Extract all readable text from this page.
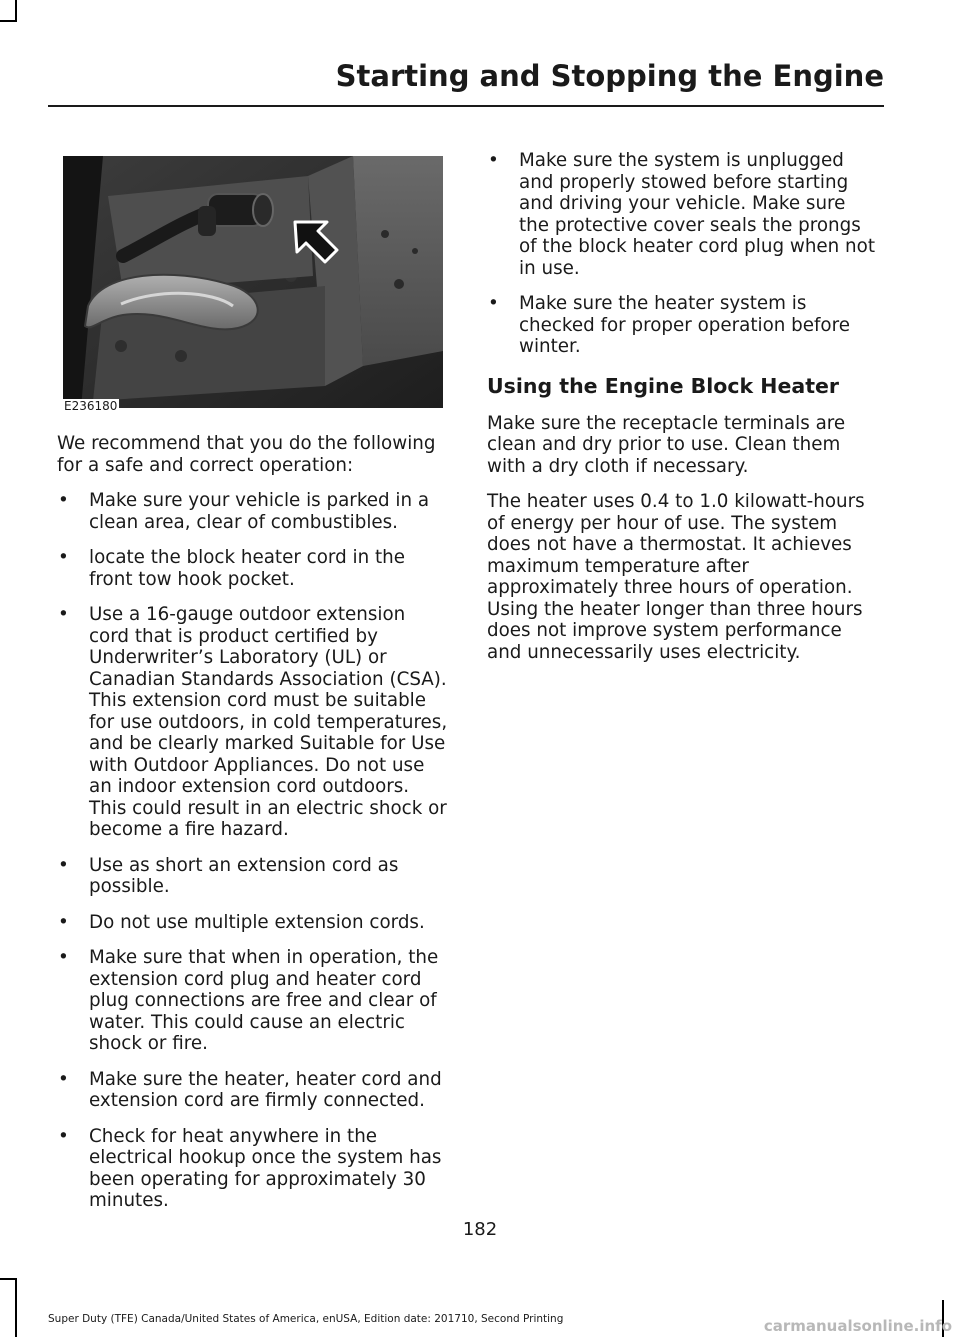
Starting and Stopping the Engine
E236180

We recommend that you do the following for a safe and correct operation:

• Make sure your vehicle is parked in a clean area, clear of combustibles.
• locate the block heater cord in the front tow hook pocket.
• Use a 16-gauge outdoor extension cord that is product certified by Underwriter’s Laboratory (UL) or Canadian Standards Association (CSA). This extension cord must be suitable for use outdoors, in cold temperatures, and be clearly marked Suitable for Use with Outdoor Appliances. Do not use an indoor extension cord outdoors. This could result in an electric shock or become a fire hazard.
• Use as short an extension cord as possible.
• Do not use multiple extension cords.
• Make sure that when in operation, the extension cord plug and heater cord plug connections are free and clear of water. This could cause an electric shock or fire.
• Make sure the heater, heater cord and extension cord are firmly connected.
• Check for heat anywhere in the electrical hookup once the system has been operating for approximately 30 minutes.
• Make sure the system is unplugged and properly stowed before starting and driving your vehicle. Make sure the protective cover seals the prongs of the block heater cord plug when not in use.
• Make sure the heater system is checked for proper operation before winter.
Using the Engine Block Heater

Make sure the receptacle terminals are clean and dry prior to use. Clean them with a dry cloth if necessary.

The heater uses 0.4 to 1.0 kilowatt-hours of energy per hour of use. The system does not have a thermostat. It achieves maximum temperature after approximately three hours of operation. Using the heater longer than three hours does not improve system performance and unnecessarily uses electricity.

182
Super Duty (TFE) Canada/United States of America, enUSA, Edition date: 201710, Second Printing	carmanualsonline.info
